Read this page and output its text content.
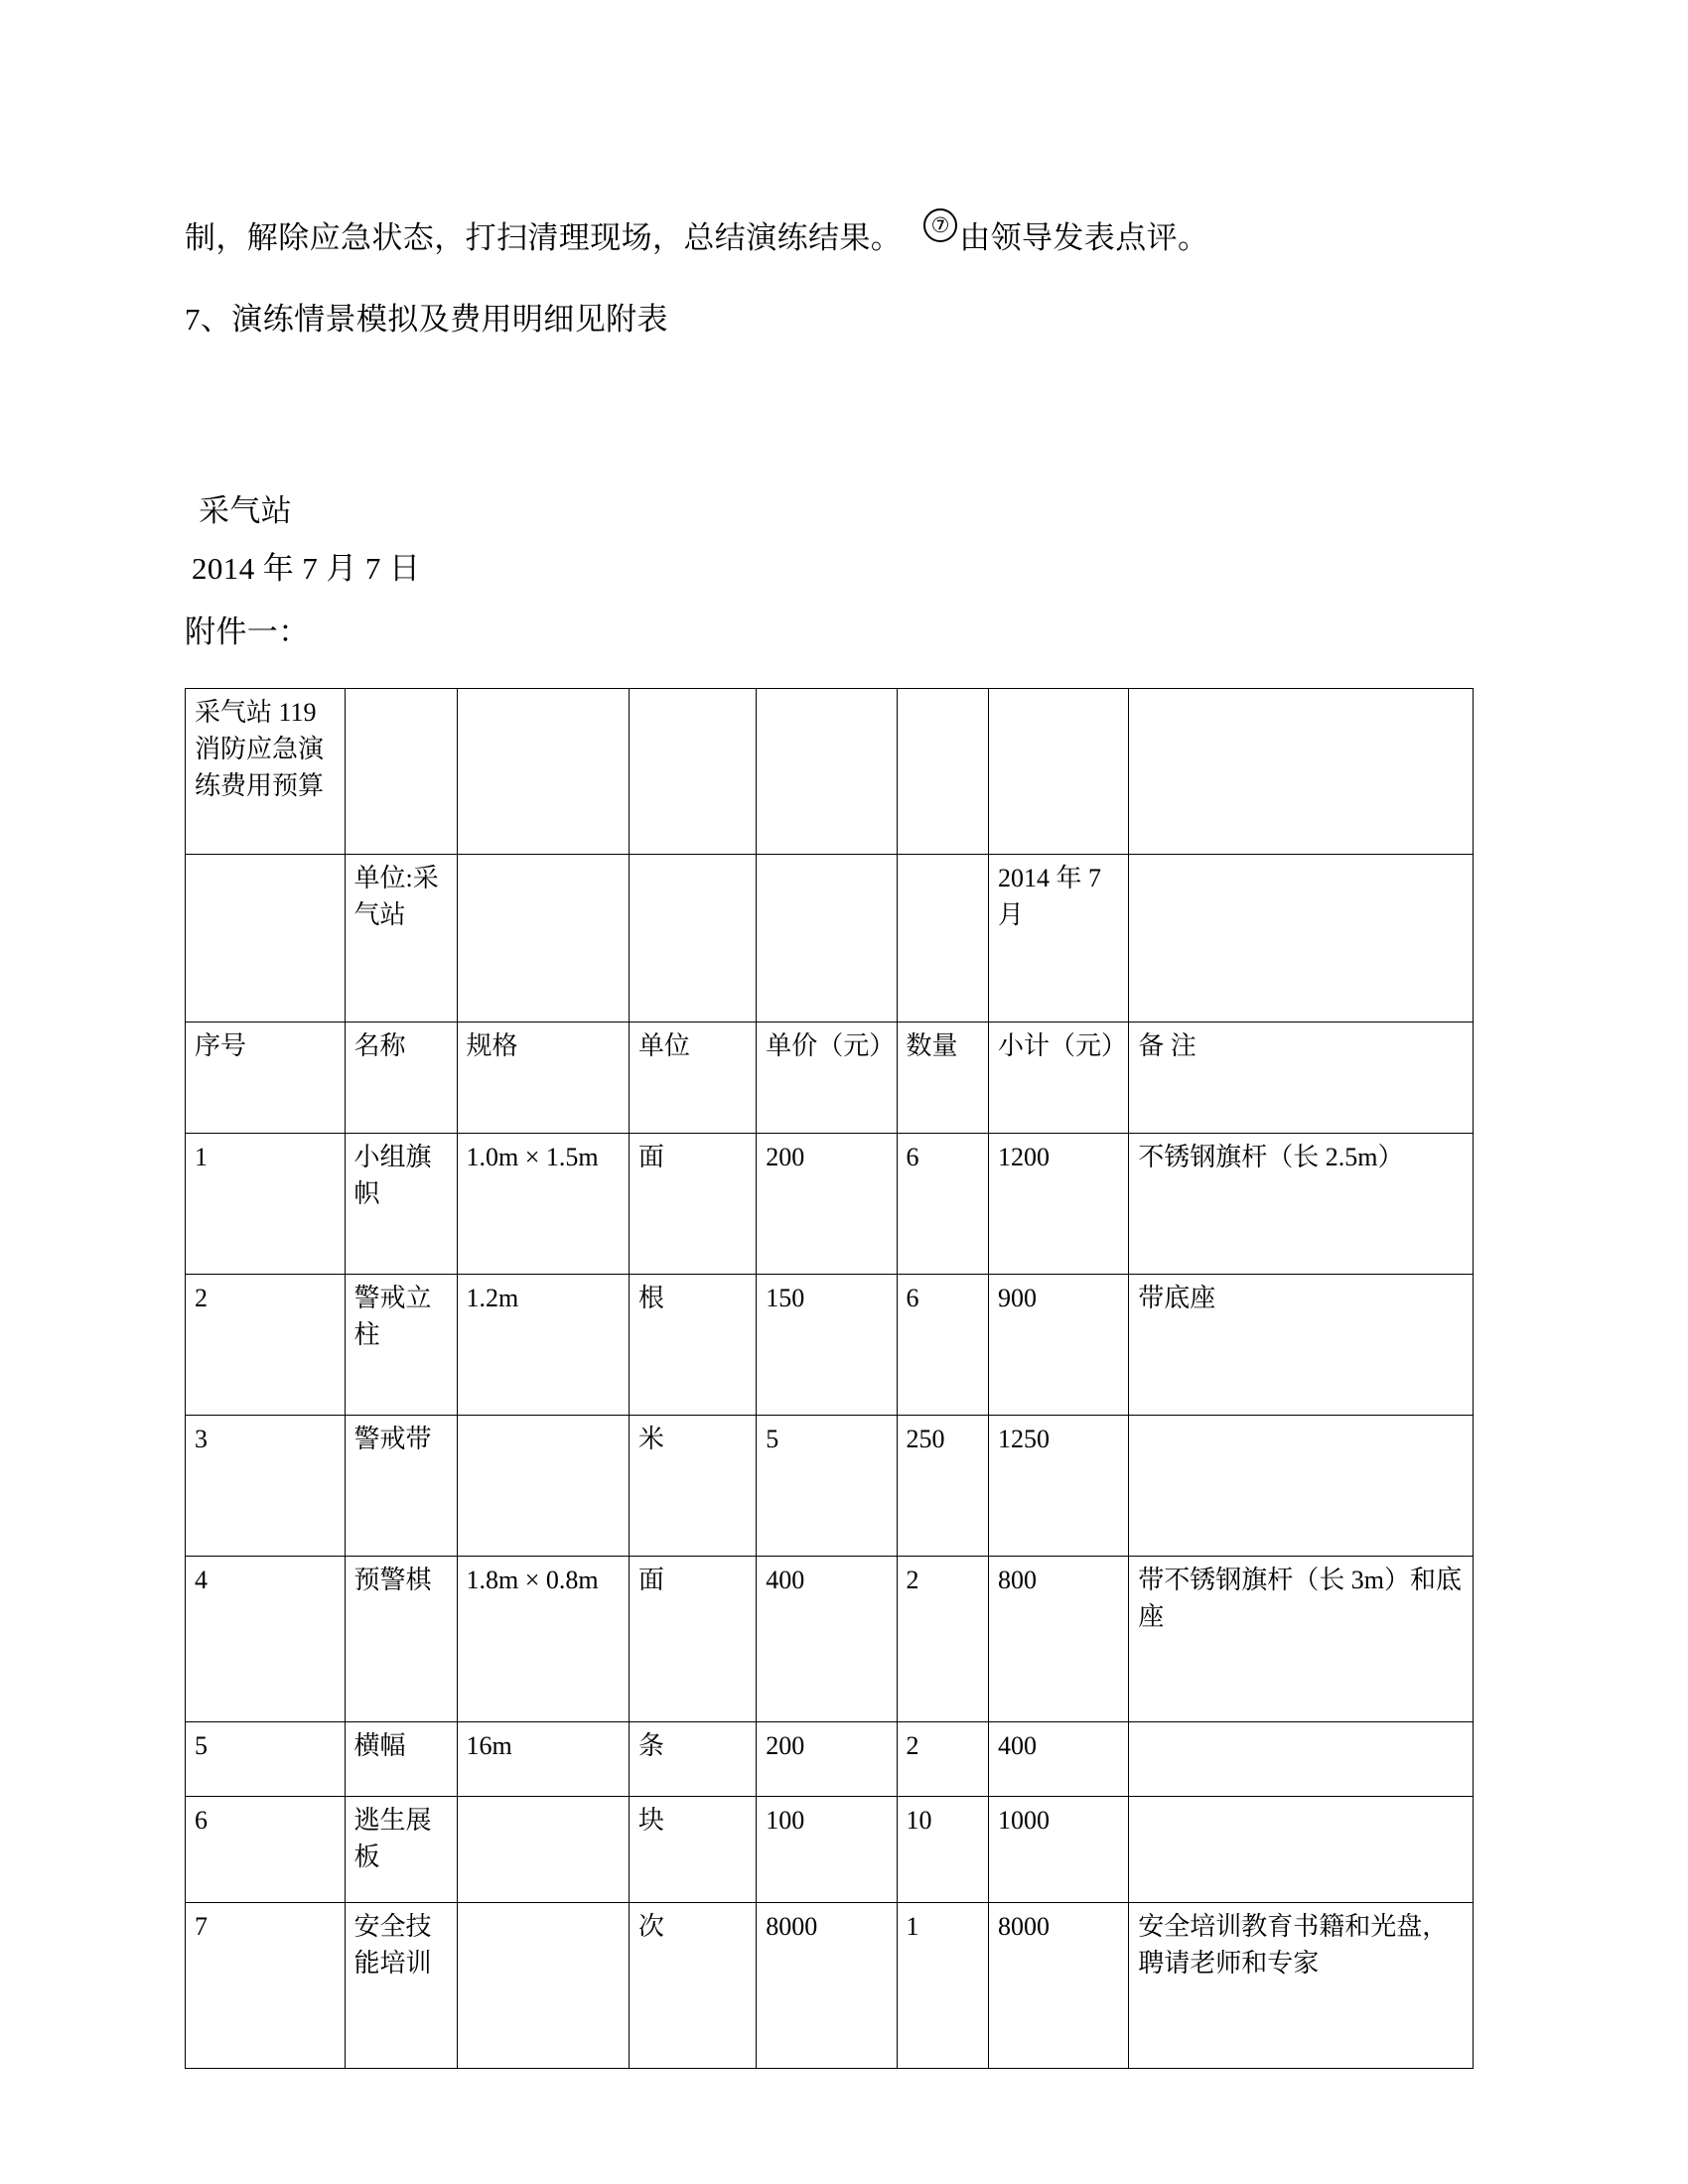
制，解除应急状态，打扫清理现场，总结演练结果。 ⑦ 由领导发表点评。
7、演练情景模拟及费用明细见附表
采气站
2014 年 7 月 7 日
附件一：
采气站 119 消防应急演练费用预算							
	单位:采气站					2014 年 7 月	
序号	名称	规格	单位	单价（元）	数量	小计（元）	备 注
1	小组旗帜	1.0m × 1.5m	面	200	6	1200	不锈钢旗杆（长 2.5m）
2	警戒立柱	1.2m	根	150	6	900	带底座
3	警戒带		米	5	250	1250	
4	预警棋	1.8m × 0.8m	面	400	2	800	带不锈钢旗杆（长 3m）和底座
5	横幅	16m	条	200	2	400	
6	逃生展板		块	100	10	1000	
7	安全技能培训		次	8000	1	8000	安全培训教育书籍和光盘，聘请老师和专家
